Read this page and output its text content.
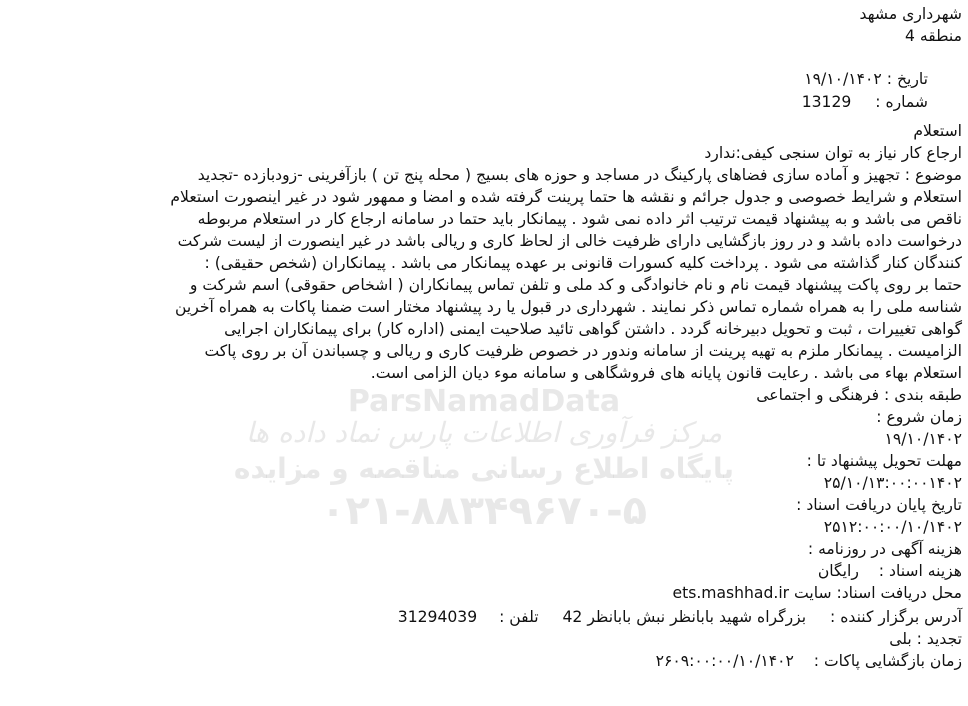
ParsNamadData
مرکز فرآوری اطلاعات پارس نماد داده ها
پایگاه اطلاع رسانی مناقصه و مزایده
۰۲۱-۸۸۳۴۹۶۷۰-۵
شهرداری مشهد
منطقه 4
تاریخ : ۱۹/۱۰/۱۴۰۲
شماره :  13129
استعلام
ارجاع کار نیاز به توان سنجی کیفی:ندارد
موضوع : تجهیز و آماده سازی فضاهای پارکینگ در مساجد و حوزه های بسیج ( محله پنج تن ) بازآفرینی -زودبازده -تجدید
استعلام و شرایط خصوصی و جدول جرائم و نقشه ها حتما پرینت گرفته شده و امضا و ممهور شود در غیر اینصورت استعلام
ناقص می باشد و به پیشنهاد قیمت ترتیب اثر داده نمی شود . پیمانکار باید حتما در سامانه ارجاع کار در استعلام مربوطه
درخواست داده باشد و در روز بازگشایی دارای ظرفیت خالی از لحاظ کاری و ریالی باشد در غیر اینصورت از لیست شرکت
کنندگان کنار گذاشته می شود . پرداخت کلیه کسورات قانونی بر عهده پیمانکار می باشد . پیمانکاران (شخص حقیقی) :
حتما بر روی پاکت پیشنهاد قیمت نام و نام خانوادگی و کد ملی و تلفن تماس پیمانکاران ( اشخاص حقوقی) اسم شرکت و
شناسه ملی را به همراه شماره تماس ذکر نمایند . شهرداری در قبول یا رد پیشنهاد مختار است ضمنا پاکات به همراه آخرین
گواهی تغییرات ، ثبت و تحویل دبیرخانه گردد . داشتن گواهی تائید صلاحیت ایمنی (اداره کار) برای پیمانکاران اجرایی
الزامیست . پیمانکار ملزم به تهیه پرینت از سامانه وندور در خصوص ظرفیت کاری و ریالی و چسباندن آن بر روی پاکت
استعلام بهاء می باشد . رعایت قانون پایانه های فروشگاهی و سامانه موء دیان الزامی است.
طبقه بندی : فرهنگی و اجتماعی
زمان شروع :
۱۹/۱۰/۱۴۰۲
مهلت تحویل پیشنهاد تا :
۲۵/۱۰/۱۳:۰۰:۰۰۱۴۰۲
تاریخ پایان دریافت اسناد :
۲۵۱۲:۰۰:۰۰/۱۰/۱۴۰۲
هزینه آگهی در روزنامه :
هزینه اسناد :  رایگان
محل دریافت اسناد: سایت ets.mashhad.ir
آدرس برگزار کننده :  بزرگراه شهید بابانظر نبش بابانظر 42  تلفن :  31294039
تجدید : بلی
زمان بازگشایی پاکات :  ۲۶۰۹:۰۰:۰۰/۱۰/۱۴۰۲
